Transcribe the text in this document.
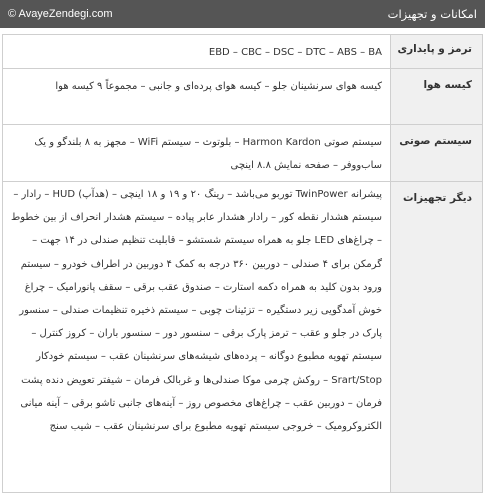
© AvayeZendegi.com	امکانات و تجهیزات
ترمز و پایداری	EBD – CBC – DSC – DTC – ABS – BA
کیسه هوا	کیسه هوای سرنشینان جلو – کیسه هوای پرده‌ای و جانبی – مجموعاً ۹ کیسه هوا
سیستم صوتی	سیستم صوتی Harmon Kardon – بلوتوث – سیستم WiFi – مجهز به ۸ بلندگو و یک ساب‌ووفر – صفحه نمایش ۸.۸ اینچی
دیگر تجهیزات	پیشرانه TwinPower توربو می‌باشد – رینگ ۲۰ و ۱۹ و ۱۸ اینچی – (هدآپ) HUD – رادار – سیستم هشدار نقطه کور – رادار هشدار عابر پیاده – سیستم هشدار انحراف از بین خطوط – چراغ‌های LED جلو به همراه سیستم شستشو – قابلیت تنظیم صندلی در ۱۴ جهت – گرمکن برای ۴ صندلی – دوربین ۳۶۰ درجه به کمک ۴ دوربین در اطراف خودرو – سیستم ورود بدون کلید به همراه دکمه استارت – صندوق عقب برقی – سقف پانورامیک – چراغ خوش آمدگویی زیر دستگیره – تزئینات چوبی – سیستم ذخیره تنظیمات صندلی – سنسور پارک در جلو و عقب – ترمز پارک برقی – سنسور دور – سنسور باران – کروز کنترل – سیستم تهویه مطبوع دوگانه – پرده‌های شیشه‌های سرنشینان عقب – سیستم خودکار Srart/Stop – روکش چرمی موکا صندلی‌ها و غربالک فرمان – شیفتر تعویض دنده پشت فرمان – دوربین عقب – چراغ‌های مخصوص روز – آینه‌های جانبی تاشو برقی – آینه میانی الکتروکرومیک – خروجی سیستم تهویه مطبوع برای سرنشینان عقب – شیب سنج
